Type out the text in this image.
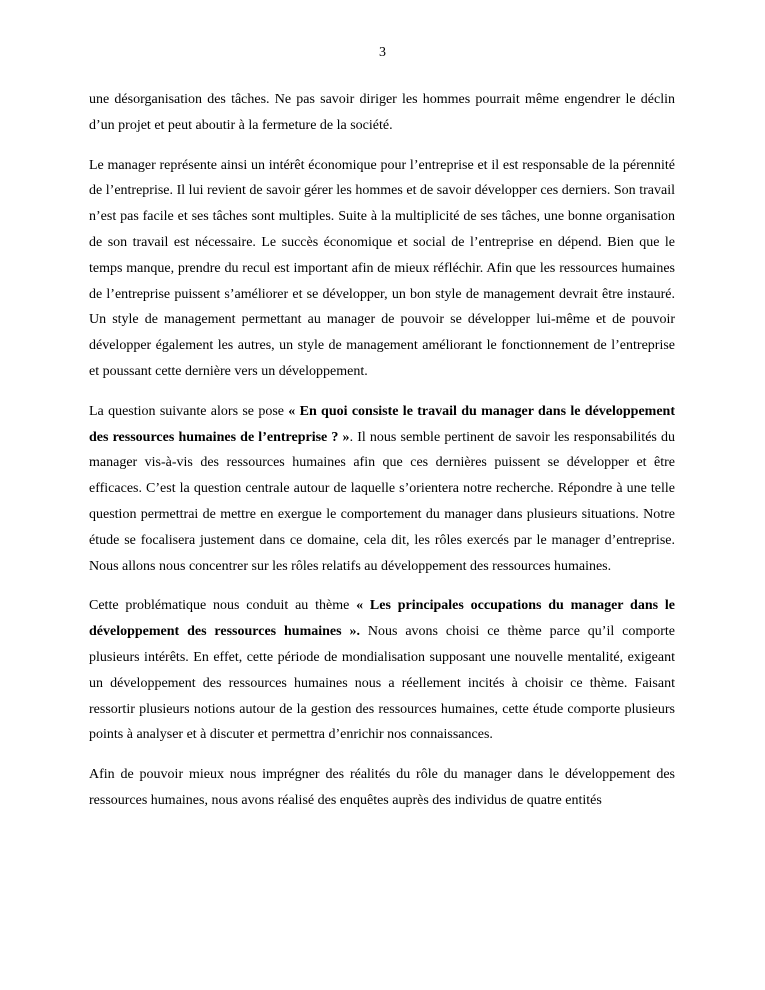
3

une désorganisation des tâches. Ne pas savoir diriger les hommes pourrait même engendrer le déclin d’un projet et peut aboutir à la fermeture de la société.

Le manager représente ainsi un intérêt économique pour l’entreprise et il est responsable de la pérennité de l’entreprise. Il lui revient de savoir gérer les hommes et de savoir développer ces derniers. Son travail n’est pas facile et ses tâches sont multiples. Suite à la multiplicité de ses tâches, une bonne organisation de son travail est nécessaire. Le succès économique et social de l’entreprise en dépend. Bien que le temps manque, prendre du recul est important afin de mieux réfléchir. Afin que les ressources humaines de l’entreprise puissent s’améliorer et se développer, un bon style de management devrait être instauré. Un style de management permettant au manager de pouvoir se développer lui-même et de pouvoir développer également les autres, un style de management améliorant le fonctionnement de l’entreprise et poussant cette dernière vers un développement.

La question suivante alors se pose « En quoi consiste le travail du manager dans le développement des ressources humaines de l’entreprise ? ». Il nous semble pertinent de savoir les responsabilités du manager vis-à-vis des ressources humaines afin que ces dernières puissent se développer et être efficaces. C’est la question centrale autour de laquelle s’orientera notre recherche. Répondre à une telle question permettrai de mettre en exergue le comportement du manager dans plusieurs situations. Notre étude se focalisera justement dans ce domaine, cela dit, les rôles exercés par le manager d’entreprise. Nous allons nous concentrer sur les rôles relatifs au développement des ressources humaines.

Cette problématique nous conduit au thème « Les principales occupations du manager dans le développement des ressources humaines ». Nous avons choisi ce thème parce qu’il comporte plusieurs intérêts. En effet, cette période de mondialisation supposant une nouvelle mentalité, exigeant un développement des ressources humaines nous a réellement incités à choisir ce thème. Faisant ressortir plusieurs notions autour de la gestion des ressources humaines, cette étude comporte plusieurs points à analyser et à discuter et permettra d’enrichir nos connaissances.

Afin de pouvoir mieux nous imprégner des réalités du rôle du manager dans le développement des ressources humaines, nous avons réalisé des enquêtes auprès des individus de quatre entités
